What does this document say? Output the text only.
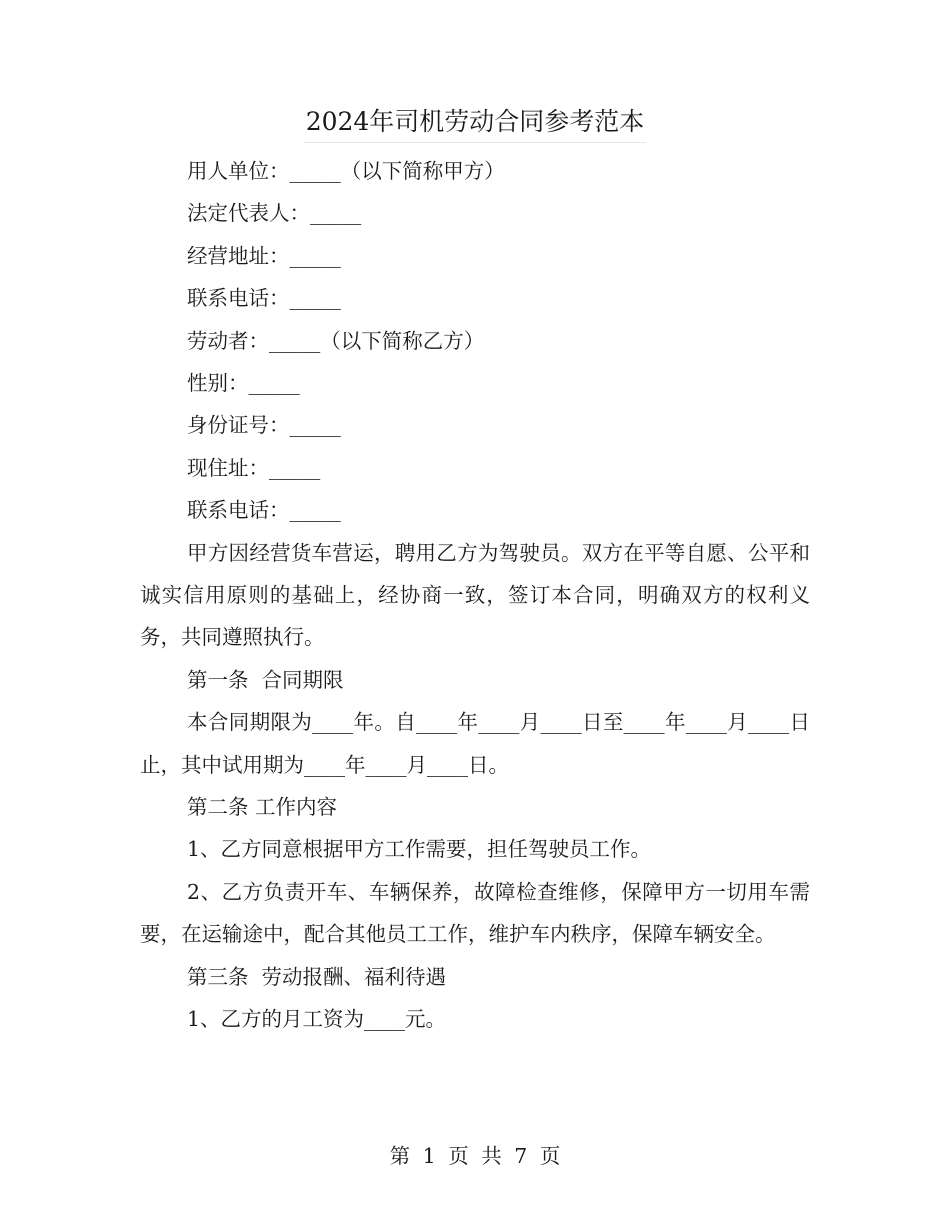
2024年司机劳动合同参考范本
用人单位：_____（以下简称甲方）
法定代表人：_____
经营地址：_____
联系电话：_____
劳动者：_____（以下简称乙方）
性别：_____
身份证号：_____
现住址：_____
联系电话：_____
甲方因经营货车营运，聘用乙方为驾驶员。双方在平等自愿、公平和诚实信用原则的基础上，经协商一致，签订本合同，明确双方的权利义务，共同遵照执行。
第一条  合同期限
本合同期限为____年。自____年____月____日至____年____月____日止，其中试用期为____年____月____日。
第二条 工作内容
1、乙方同意根据甲方工作需要，担任驾驶员工作。
2、乙方负责开车、车辆保养，故障检查维修，保障甲方一切用车需要，在运输途中，配合其他员工工作，维护车内秩序，保障车辆安全。
第三条  劳动报酬、福利待遇
1、乙方的月工资为____元。
第 1 页 共 7 页
